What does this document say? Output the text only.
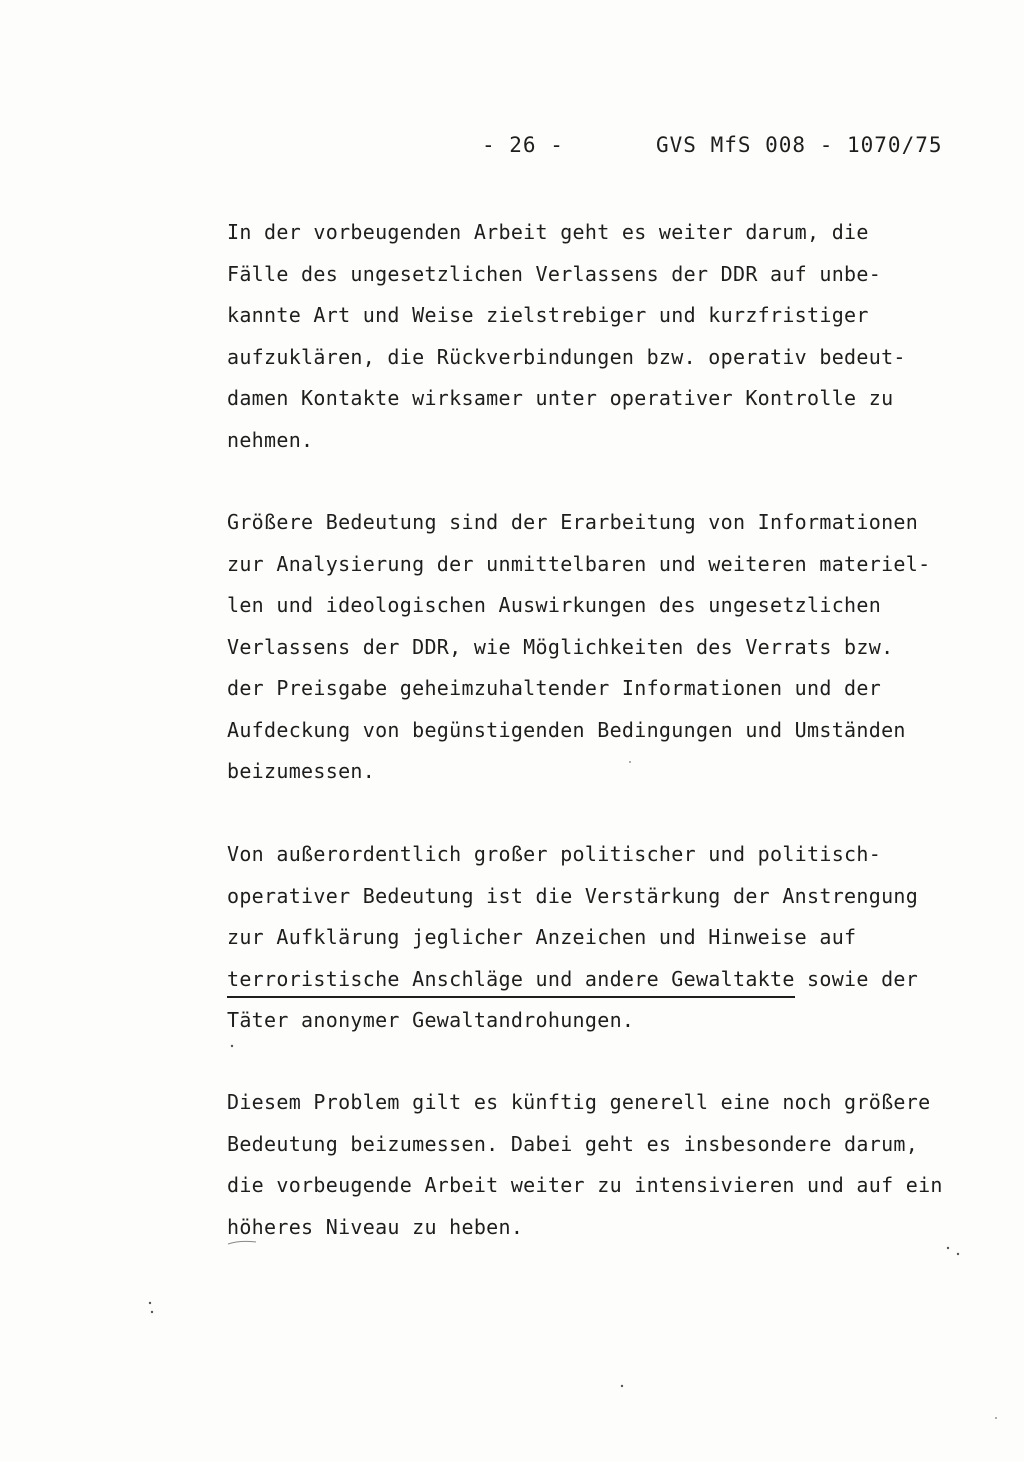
- 26 -	GVS MfS 008 - 1070/75
In der vorbeugenden Arbeit geht es weiter darum, die
Fälle des ungesetzlichen Verlassens der DDR auf unbe-
kannte Art und Weise zielstrebiger und kurzfristiger
aufzuklären, die Rückverbindungen bzw. operativ bedeut-
damen Kontakte wirksamer unter operativer Kontrolle zu
nehmen.
Größere Bedeutung sind der Erarbeitung von Informationen
zur Analysierung der unmittelbaren und weiteren materiel-
len und ideologischen Auswirkungen des ungesetzlichen
Verlassens der DDR, wie Möglichkeiten des Verrats bzw.
der Preisgabe geheimzuhaltender Informationen und der
Aufdeckung von begünstigenden Bedingungen und Umständen
beizumessen.
Von außerordentlich großer politischer und politisch-
operativer Bedeutung ist die Verstärkung der Anstrengung
zur Aufklärung jeglicher Anzeichen und Hinweise auf
terroristische Anschläge und andere Gewaltakte sowie der
Täter anonymer Gewaltandrohungen.
Diesem Problem gilt es künftig generell eine noch größere
Bedeutung beizumessen. Dabei geht es insbesondere darum,
die vorbeugende Arbeit weiter zu intensivieren und auf ein
höheres Niveau zu heben.
